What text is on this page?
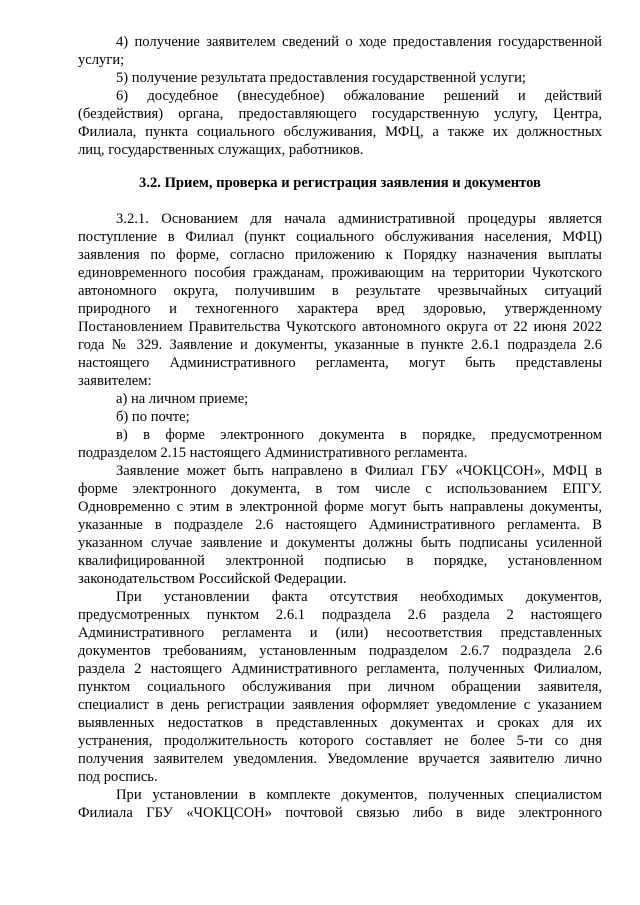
4) получение заявителем сведений о ходе предоставления государственной

услуги;

5) получение результата предоставления государственной услуги;

6) досудебное (внесудебное) обжалование решений и действий

(бездействия) органа, предоставляющего государственную услугу, Центра,

Филиала, пункта социального обслуживания, МФЦ, а также их должностных

лиц, государственных служащих, работников.

3.2. Прием, проверка и регистрация заявления и документов

3.2.1. Основанием для начала административной процедуры является

поступление в Филиал (пункт социального обслуживания населения, МФЦ)

заявления по форме, согласно приложению к Порядку назначения выплаты

единовременного пособия гражданам, проживающим на территории Чукотского

автономного округа, получившим в результате чрезвычайных ситуаций

природного и техногенного характера вред здоровью, утвержденному

Постановлением Правительства Чукотского автономного округа от 22 июня 2022

года № 329. Заявление и документы, указанные в пункте 2.6.1 подраздела 2.6

настоящего Административного регламента, могут быть представлены

заявителем:

а) на личном приеме;

б) по почте;

в) в форме электронного документа в порядке, предусмотренном

подразделом 2.15 настоящего Административного регламента.

Заявление может быть направлено в Филиал ГБУ «ЧОКЦСОН», МФЦ в

форме электронного документа, в том числе с использованием ЕПГУ.

Одновременно с этим в электронной форме могут быть направлены документы,

указанные в подразделе 2.6 настоящего Административного регламента. В

указанном случае заявление и документы должны быть подписаны усиленной

квалифицированной электронной подписью в порядке, установленном

законодательством Российской Федерации.

При установлении факта отсутствия необходимых документов,

предусмотренных пунктом 2.6.1 подраздела 2.6 раздела 2 настоящего

Административного регламента и (или) несоответствия представленных

документов требованиям, установленным подразделом 2.6.7 подраздела 2.6

раздела 2 настоящего Административного регламента, полученных Филиалом,

пунктом социального обслуживания при личном обращении заявителя,

специалист в день регистрации заявления оформляет уведомление с указанием

выявленных недостатков в представленных документах и сроках для их

устранения, продолжительность которого составляет не более 5-ти со дня

получения заявителем уведомления. Уведомление вручается заявителю лично

под роспись.

При установлении в комплекте документов, полученных специалистом

Филиала ГБУ «ЧОКЦСОН» почтовой связью либо в виде электронного
